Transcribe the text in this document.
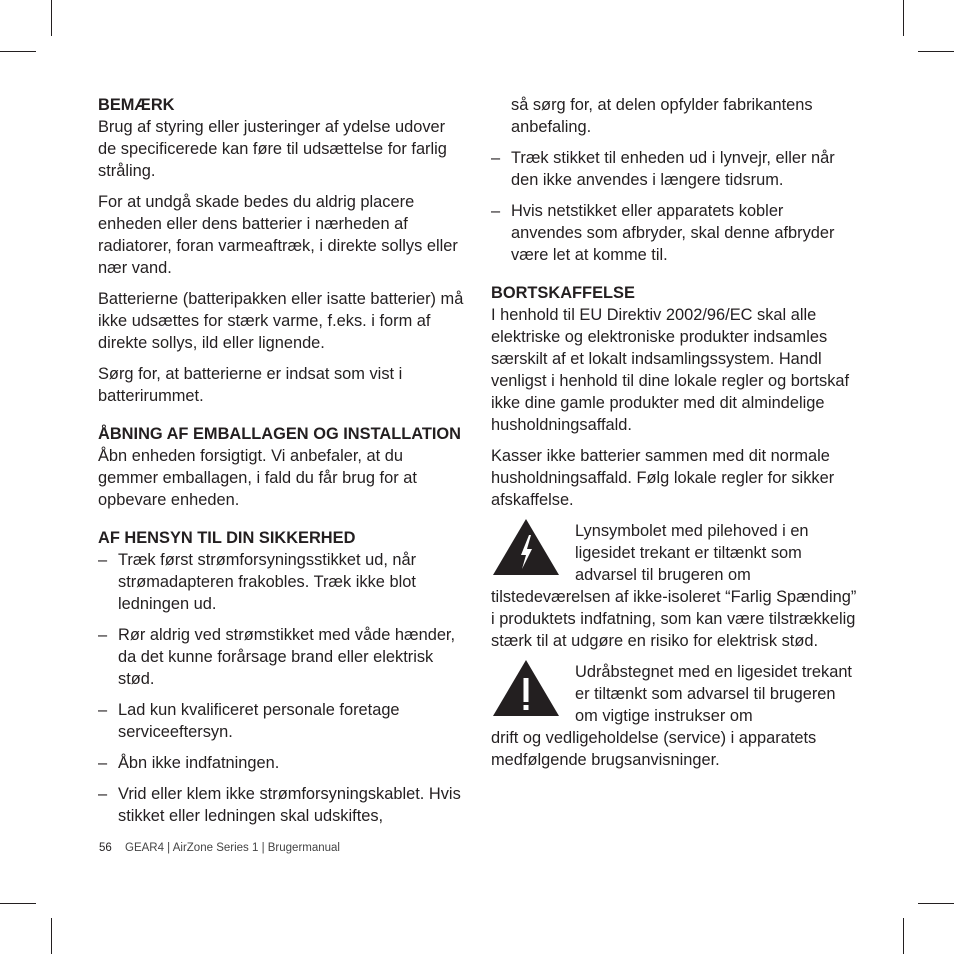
BEMÆRK

Brug af styring eller justeringer af ydelse udover de specificerede kan føre til udsættelse for farlig stråling.

For at undgå skade bedes du aldrig placere enheden eller dens batterier i nærheden af radiatorer, foran varmeaftræk, i direkte sollys eller nær vand.

Batterierne (batteripakken eller isatte batterier) må ikke udsættes for stærk varme, f.eks. i form af direkte sollys, ild eller lignende.

Sørg for, at batterierne er indsat som vist i batterirummet.

ÅBNING AF EMBALLAGEN OG INSTALLATION

Åbn enheden forsigtigt. Vi anbefaler, at du gemmer emballagen, i fald du får brug for at opbevare enheden.

AF HENSYN TIL DIN SIKKERHED

– Træk først strømforsyningsstikket ud, når strømadapteren frakobles. Træk ikke blot ledningen ud.

– Rør aldrig ved strømstikket med våde hænder, da det kunne forårsage brand eller elektrisk stød.

– Lad kun kvalificeret personale foretage serviceeftersyn.

– Åbn ikke indfatningen.

– Vrid eller klem ikke strømforsyningskablet. Hvis stikket eller ledningen skal udskiftes,

så sørg for, at delen opfylder fabrikantens anbefaling.

– Træk stikket til enheden ud i lynvejr, eller når den ikke anvendes i længere tidsrum.

– Hvis netstikket eller apparatets kobler anvendes som afbryder, skal denne afbryder være let at komme til.

BORTSKAFFELSE

I henhold til EU Direktiv 2002/96/EC skal alle elektriske og elektroniske produkter indsamles særskilt af et lokalt indsamlingssystem. Handl venligst i henhold til dine lokale regler og bortskaf ikke dine gamle produkter med dit almindelige husholdningsaffald.

Kasser ikke batterier sammen med dit normale husholdningsaffald. Følg lokale regler for sikker afskaffelse.

Lynsymbolet med pilehoved i en ligesidet trekant er tiltænkt som advarsel til brugeren om

tilstedeværelsen af ikke-isoleret “Farlig Spænding” i produktets indfatning, som kan være tilstrækkelig stærk til at udgøre en risiko for elektrisk stød.

Udråbstegnet med en ligesidet trekant er tiltænkt som advarsel til brugeren om vigtige instrukser om

drift og vedligeholdelse (service) i apparatets medfølgende brugsanvisninger.

56 GEAR4 | AirZone Series 1 | Brugermanual
